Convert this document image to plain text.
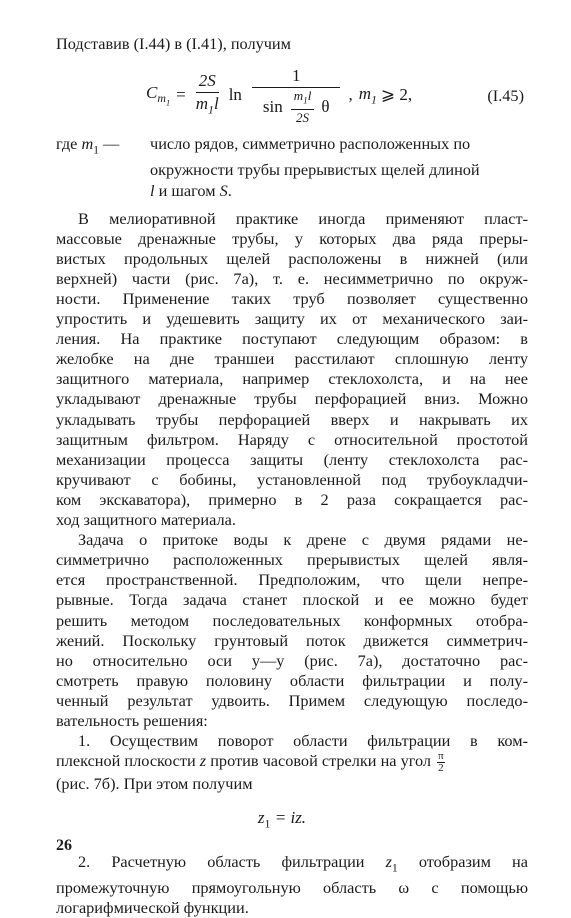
Подставив (I.44) в (I.41), получим
$C_{m_1} = \frac{2S}{m_1l}$ ln
1
$\sin \frac{m_1l}{2S}$ θ
, $m_1$ ⩾ 2,	(I.45)
где $m_1$ —	число рядов, симметрично расположенных по
окружности трубы прерывистых щелей длиной
l и шагом S.
В мелиоративной практике иногда применяют пласт-
массовые дренажные трубы, у которых два ряда преры-
вистых продольных щелей расположены в нижней (или
верхней) части (рис. 7а), т. е. несимметрично по окруж-
ности. Применение таких труб позволяет существенно
упростить и удешевить защиту их от механического заи-
ления. На практике поступают следующим образом: в
желобке на дне траншеи расстилают сплошную ленту
защитного материала, например стеклохолста, и на нее
укладывают дренажные трубы перфорацией вниз. Можно
укладывать трубы перфорацией вверх и накрывать их
защитным фильтром. Наряду с относительной простотой
механизации процесса защиты (ленту стеклохолста рас-
кручивают с бобины, установленной под трубоукладчи-
ком экскаватора), примерно в 2 раза сокращается рас-
ход защитного материала.
Задача о притоке воды к дрене с двумя рядами не-
симметрично расположенных прерывистых щелей явля-
ется пространственной. Предположим, что щели непре-
рывные. Тогда задача станет плоской и ее можно будет
решить методом последовательных конформных отобра-
жений. Поскольку грунтовый поток движется симметрич-
но относительно оси y—y (рис. 7а), достаточно рас-
смотреть правую половину области фильтрации и полу-
ченный результат удвоить. Примем следующую последо-
вательность решения:
1. Осуществим поворот области фильтрации в ком-
плексной плоскости z против часовой стрелки на угол $\frac{\pi}{2}$
(рис. 7б). При этом получим
$z_1$ = iz.
2. Расчетную область фильтрации $z_1$ отобразим на
промежуточную прямоугольную область ω с помощью
логарифмической функции.
26
